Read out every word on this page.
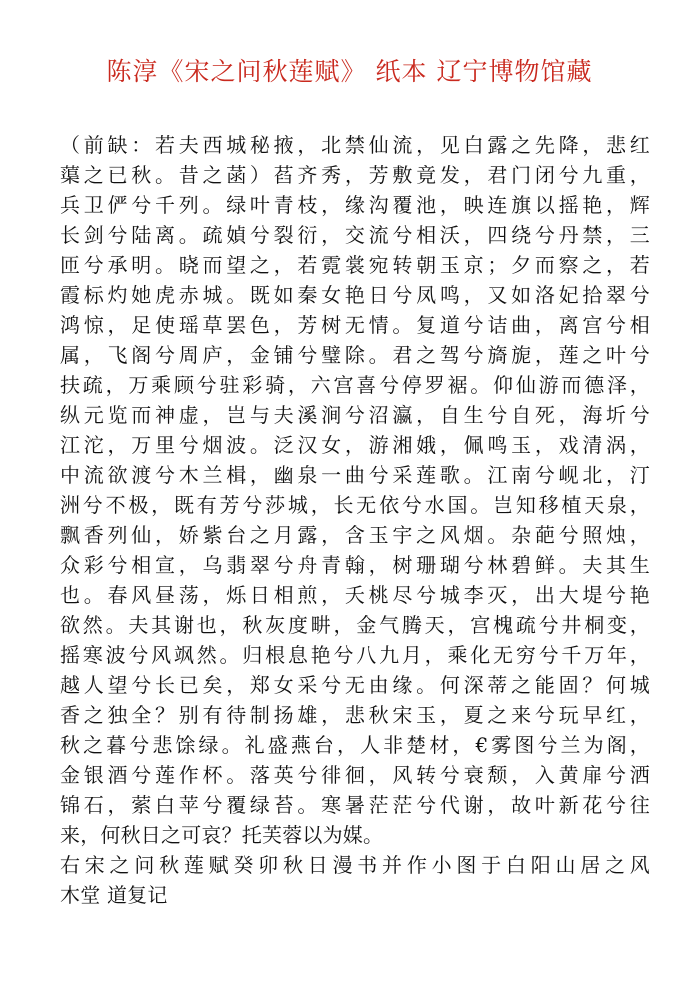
陈淳《宋之问秋莲赋》 纸本 辽宁博物馆藏
（前缺：若夫西城秘掖，北禁仙流，见白露之先降，悲红
蕖之已秋。昔之菡）萏齐秀，芳敷竟发，君门闭兮九重，
兵卫俨兮千列。绿叶青枝，缘沟覆池，映连旗以摇艳，辉
长剑兮陆离。疏媜兮裂衍，交流兮相沃，四绕兮丹禁，三
匝兮承明。晓而望之，若霓裳宛转朝玉京；夕而察之，若
霞标灼她虎赤城。既如秦女艳日兮凤鸣，又如洛妃拾翠兮
鸿惊，足使瑶草罢色，芳树无情。复道兮诘曲，离宫兮相
属，飞阁兮周庐，金铺兮璧除。君之驾兮旖旎，莲之叶兮
扶疏，万乘顾兮驻彩骑，六宫喜兮停罗裾。仰仙游而德泽，
纵元览而神虚，岂与夫溪涧兮沼瀛，自生兮自死，海圻兮
江沱，万里兮烟波。泛汉女，游湘娥，佩鸣玉，戏清涡，
中流欲渡兮木兰楫，幽泉一曲兮采莲歌。江南兮岘北，汀
洲兮不极，既有芳兮莎城，长无依兮水国。岂知移植天泉，
飘香列仙，娇紫台之月露，含玉宇之风烟。杂葩兮照烛，
众彩兮相宣，乌翡翠兮舟青翰，树珊瑚兮林碧鲜。夫其生
也。春风昼荡，烁日相煎，夭桃尽兮城李灭，出大堤兮艳
欲然。夫其谢也，秋灰度畊，金气腾天，宫槐疏兮井桐变，
摇寒波兮风飒然。归根息艳兮八九月，乘化无穷兮千万年，
越人望兮长已矣，郑女采兮无由缘。何深蒂之能固？何城
香之独全？别有待制扬雄，悲秋宋玉，夏之来兮玩早红，
秋之暮兮悲馀绿。礼盛燕台，人非楚材，€雾图兮兰为阁，
金银酒兮莲作杯。落英兮徘徊，风转兮衰颓，入黄扉兮洒
锦石，萦白苹兮覆绿苔。寒暑茫茫兮代谢，故叶新花兮往
来，何秋日之可哀？托芙蓉以为媒。
右宋之问秋莲赋癸卯秋日漫书并作小图于白阳山居之风
木堂 道复记
